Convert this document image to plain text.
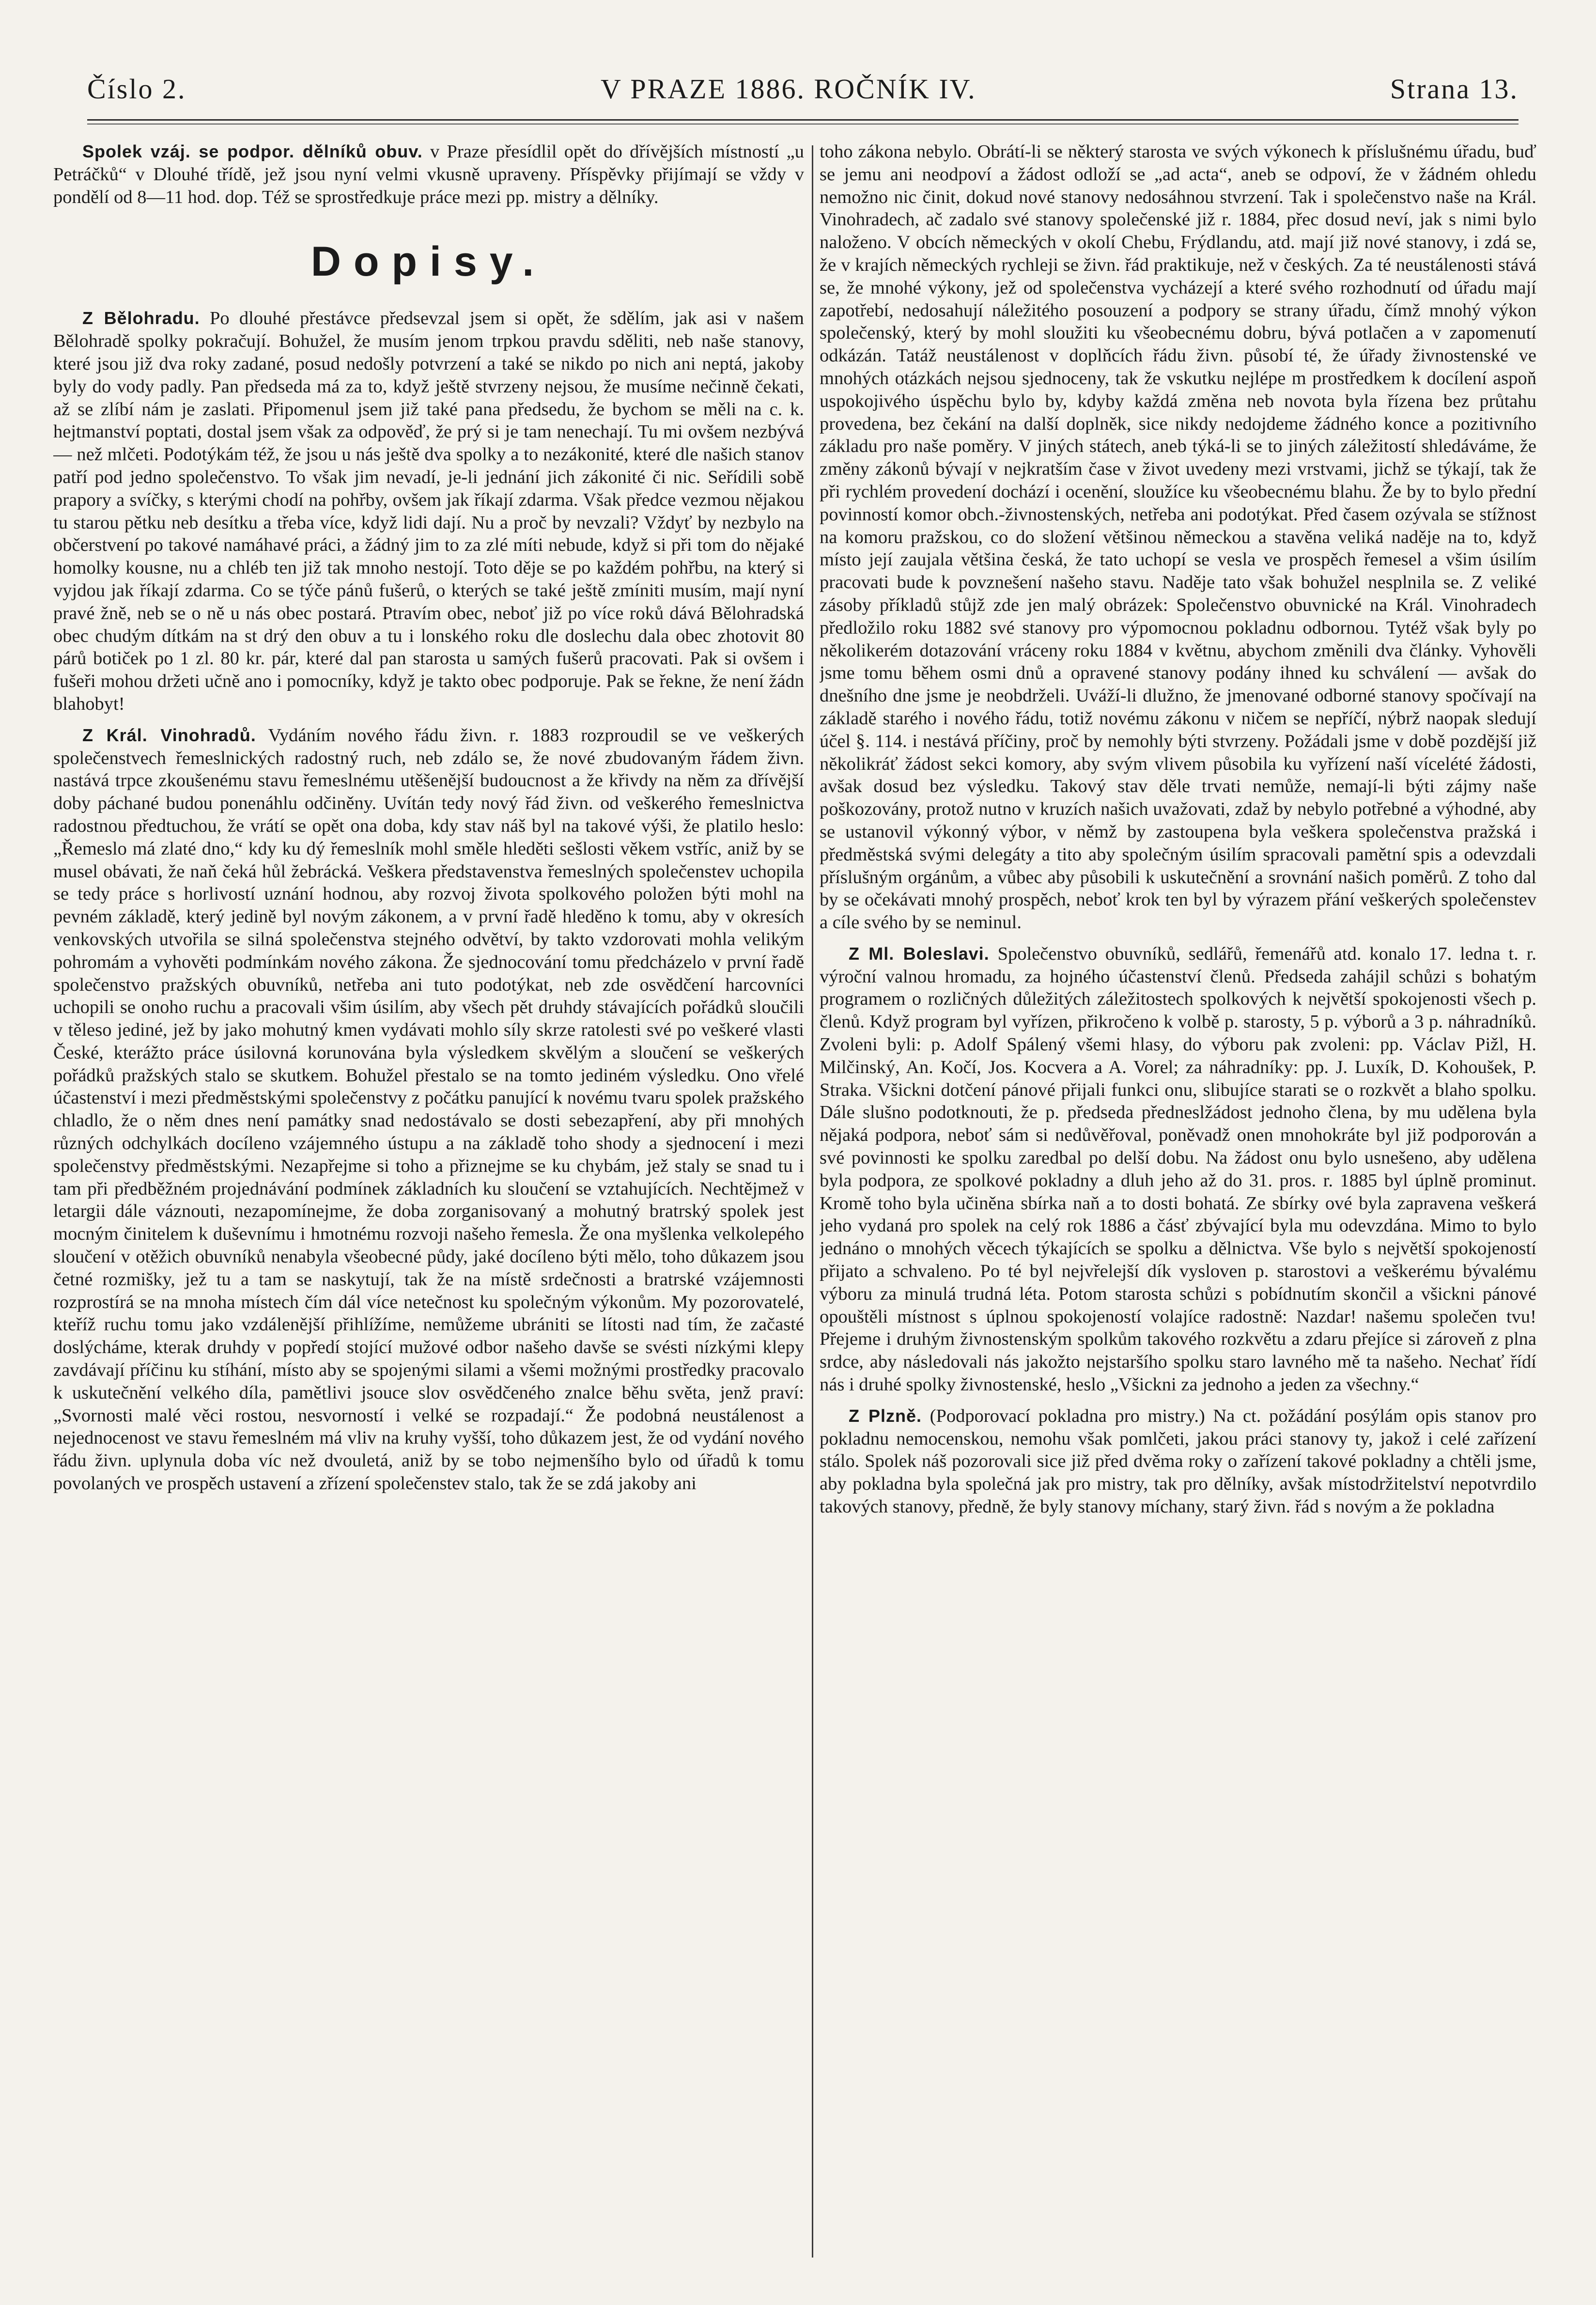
Číslo 2.	V PRAZE 1886. ROČNÍK IV.	Strana 13.

Spolek vzáj. se podpor. dělníků obuv. v Praze přesídlil opět do dřívějších místností „u Petráčků“ v Dlouhé třídě, jež jsou nyní velmi vkusně upraveny. Příspěvky přijímají se vždy v pondělí od 8—11 hod. dop. Též se sprostředkuje práce mezi pp. mistry a dělníky.

Dopisy.

Z Bělohradu. Po dlouhé přestávce předsevzal jsem si opět, že sdělím, jak asi v našem Bělohradě spolky pokračují. Bohužel, že musím jenom trpkou pravdu sděliti, neb naše stanovy, které jsou již dva roky zadané, posud nedošly potvrzení a také se nikdo po nich ani neptá, jakoby byly do vody padly. Pan předseda má za to, když ještě stvrzeny nejsou, že musíme nečinně čekati, až se zlíbí nám je zaslati. Připomenul jsem již také pana předsedu, že bychom se měli na c. k. hejtmanství poptati, dostal jsem však za odpověď, že prý si je tam nenechají. Tu mi ovšem nezbývá — než mlčeti. Podotýkám též, že jsou u nás ještě dva spolky a to nezákonité, které dle našich stanov patří pod jedno společenstvo. To však jim nevadí, je-li jednání jich zákonité či nic. Seřídili sobě prapory a svíčky, s kterými chodí na pohřby, ovšem jak říkají zdarma. Však předce vezmou nějakou tu starou pětku neb desítku a třeba více, když lidi dají. Nu a proč by nevzali? Vždyť by nezbylo na občerstvení po takové namáhavé práci, a žádný jim to za zlé míti nebude, když si při tom do nějaké homolky kousne, nu a chléb ten již tak mnoho nestojí. Toto děje se po každém pohřbu, na který si vyjdou jak říkají zdarma. Co se týče pánů fušerů, o kterých se také ještě zmíniti musím, mají nyní pravé žně, neb se o ně u nás obec postará. Ptravím obec, neboť již po více roků dává Bělohradská obec chudým dítkám na st drý den obuv a tu i lonského roku dle doslechu dala obec zhotovit 80 párů botiček po 1 zl. 80 kr. pár, které dal pan starosta u samých fušerů pracovati. Pak si ovšem i fušeři mohou držeti učně ano i pomocníky, když je takto obec podporuje. Pak se řekne, že není žádn blahobyt!

Z Král. Vinohradů. Vydáním nového řádu živn. r. 1883 rozproudil se ve veškerých společenstvech řemeslnických radostný ruch, neb zdálo se, že nové zbudovaným řádem živn. nastává trpce zkoušenému stavu řemeslnému utěšenější budoucnost a že křivdy na něm za dřívější doby páchané budou ponenáhlu odčiněny. Uvítán tedy nový řád živn. od veškerého řemeslnictva radostnou předtuchou, že vrátí se opět ona doba, kdy stav náš byl na takové výši, že platilo heslo: „Řemeslo má zlaté dno,“ kdy ku dý řemeslník mohl směle hleděti sešlosti věkem vstříc, aniž by se musel obávati, že naň čeká hůl žebrácká. Veškera představenstva řemeslných společenstev uchopila se tedy práce s horlivostí uznání hodnou, aby rozvoj života spolkového položen býti mohl na pevném základě, který jedině byl novým zákonem, a v první řadě hleděno k tomu, aby v okresích venkovských utvořila se silná společenstva stejného odvětví, by takto vzdorovati mohla velikým pohromám a vyhověti podmínkám nového zákona. Že sjednocování tomu předcházelo v první řadě společenstvo pražských obuvníků, netřeba ani tuto podotýkat, neb zde osvědčení harcovníci uchopili se onoho ruchu a pracovali všim úsilím, aby všech pět druhdy stávajících pořádků sloučili v těleso jediné, jež by jako mohutný kmen vydávati mohlo síly skrze ratolesti své po veškeré vlasti České, kterážto práce úsilovná korunována byla výsledkem skvělým a sloučení se veškerých pořádků pražských stalo se skutkem. Bohužel přestalo se na tomto jediném výsledku. Ono vřelé účastenství i mezi předměstskými společenstvy z počátku panující k novému tvaru spolek pražského chladlo, že o něm dnes není památky snad nedostávalo se dosti sebezapření, aby při mnohých různých odchylkách docíleno vzájemného ústupu a na základě toho shody a sjednocení i mezi společenstvy předměstskými. Nezapřejme si toho a přiznejme se ku chybám, jež staly se snad tu i tam při předběžném projednávání podmínek základních ku sloučení se vztahujících. Nechtějmež v letargii dále váznouti, nezapomínejme, že doba zorganisovaný a mohutný bratrský spolek jest mocným činitelem k duševnímu i hmotnému rozvoji našeho řemesla. Že ona myšlenka velkolepého sloučení v otěžich obuvníků nenabyla všeobecné půdy, jaké docíleno býti mělo, toho důkazem jsou četné rozmišky, jež tu a tam se naskytují, tak že na místě srdečnosti a bratrské vzájemnosti rozprostírá se na mnoha místech čím dál více netečnost ku společným výkonům. My pozorovatelé, kteříž ruchu tomu jako vzdálenější přihlížíme, nemůžeme ubrániti se lítosti nad tím, že začasté doslýcháme, kterak druhdy v popředí stojící mužové odbor našeho davše se svésti nízkými klepy zavdávají příčinu ku stíhání, místo aby se spojenými silami a všemi možnými prostředky pracovalo k uskutečnění velkého díla, pamětlivi jsouce slov osvědčeného znalce běhu světa, jenž praví: „Svornosti malé věci rostou, nesvorností i velké se rozpadají.“ Že podobná neustálenost a nejednocenost ve stavu řemeslném má vliv na kruhy vyšší, toho důkazem jest, že od vydání nového řádu živn. uplynula doba víc než dvouletá, aniž by se tobo nejmenšího bylo od úřadů k tomu povolaných ve prospěch ustavení a zřízení společenstev stalo, tak že se zdá jakoby ani

toho zákona nebylo. Obrátí-li se některý starosta ve svých výkonech k příslušnému úřadu, buď se jemu ani neodpoví a žádost odloží se „ad acta“, aneb se odpoví, že v žádném ohledu nemožno nic činit, dokud nové stanovy nedosáhnou stvrzení. Tak i společenstvo naše na Král. Vinohradech, ač zadalo své stanovy společenské již r. 1884, přec dosud neví, jak s nimi bylo naloženo. V obcích německých v okolí Chebu, Frýdlandu, atd. mají již nové stanovy, i zdá se, že v krajích německých rychleji se živn. řád praktikuje, než v českých. Za té neustálenosti stává se, že mnohé výkony, jež od společenstva vycházejí a které svého rozhodnutí od úřadu mají zapotřebí, nedosahují náležitého posouzení a podpory se strany úřadu, čímž mnohý výkon společenský, který by mohl sloužiti ku všeobecnému dobru, bývá potlačen a v zapomenutí odkázán. Tatáž neustálenost v doplňcích řádu živn. působí té, že úřady živnostenské ve mnohých otázkách nejsou sjednoceny, tak že vskutku nejlépe m prostředkem k docílení aspoň uspokojivého úspěchu bylo by, kdyby každá změna neb novota byla řízena bez průtahu provedena, bez čekání na další doplněk, sice nikdy nedojdeme žádného konce a pozitivního základu pro naše poměry. V jiných státech, aneb týká-li se to jiných záležitostí shledáváme, že změny zákonů bývají v nejkratším čase v život uvedeny mezi vrstvami, jichž se týkají, tak že při rychlém provedení dochází i ocenění, sloužíce ku všeobecnému blahu. Že by to bylo přední povinností komor obch.-živnostenských, netřeba ani podotýkat. Před časem ozývala se stížnost na komoru pražskou, co do složení většinou německou a stavěna veliká naděje na to, když místo její zaujala většina česká, že tato uchopí se vesla ve prospěch řemesel a všim úsilím pracovati bude k povznešení našeho stavu. Naděje tato však bohužel nesplnila se. Z veliké zásoby příkladů stůjž zde jen malý obrázek: Společenstvo obuvnické na Král. Vinohradech předložilo roku 1882 své stanovy pro výpomocnou pokladnu odbornou. Tytéž však byly po několikerém dotazování vráceny roku 1884 v květnu, abychom změnili dva články. Vyhověli jsme tomu během osmi dnů a opravené stanovy podány ihned ku schválení — avšak do dnešního dne jsme je neobdrželi. Uváží-li dlužno, že jmenované odborné stanovy spočívají na základě starého i nového řádu, totiž novému zákonu v ničem se nepříčí, nýbrž naopak sledují účel §. 114. i nestává příčiny, proč by nemohly býti stvrzeny. Požádali jsme v době pozdější již několikráť žádost sekci komory, aby svým vlivem působila ku vyřízení naší vícelété žádosti, avšak dosud bez výsledku. Takový stav děle trvati nemůže, nemají-li býti zájmy naše poškozovány, protož nutno v kruzích našich uvažovati, zdaž by nebylo potřebné a výhodné, aby se ustanovil výkonný výbor, v němž by zastoupena byla veškera společenstva pražská i předměstská svými delegáty a tito aby společným úsilím spracovali pamětní spis a odevzdali příslušným orgánům, a vůbec aby působili k uskutečnění a srovnání našich poměrů. Z toho dal by se očekávati mnohý prospěch, neboť krok ten byl by výrazem přání veškerých společenstev a cíle svého by se neminul.

Z Ml. Boleslavi. Společenstvo obuvníků, sedlářů, řemenářů atd. konalo 17. ledna t. r. výroční valnou hromadu, za hojného účastenství členů. Předseda zahájil schůzi s bohatým programem o rozličných důležitých záležitostech spolkových k největší spokojenosti všech p. členů. Když program byl vyřízen, přikročeno k volbě p. starosty, 5 p. výborů a 3 p. náhradníků. Zvoleni byli: p. Adolf Spálený všemi hlasy, do výboru pak zvoleni: pp. Václav Pižl, H. Milčinský, An. Kočí, Jos. Kocvera a A. Vorel; za náhradníky: pp. J. Luxík, D. Kohoušek, P. Straka. Všickni dotčení pánové přijali funkci onu, slibujíce starati se o rozkvět a blaho spolku. Dále slušno podotknouti, že p. předseda předneslžádost jednoho člena, by mu udělena byla nějaká podpora, neboť sám si nedůvěřoval, poněvadž onen mnohokráte byl již podporován a své povinnosti ke spolku zaredbal po delší dobu. Na žádost onu bylo usnešeno, aby udělena byla podpora, ze spolkové pokladny a dluh jeho až do 31. pros. r. 1885 byl úplně prominut. Kromě toho byla učiněna sbírka naň a to dosti bohatá. Ze sbírky ové byla zapravena veškerá jeho vydaná pro spolek na celý rok 1886 a čásť zbývající byla mu odevzdána. Mimo to bylo jednáno o mnohých věcech týkajících se spolku a dělnictva. Vše bylo s největší spokojeností přijato a schvaleno. Po té byl nejvřelejší dík vysloven p. starostovi a veškerému bývalému výboru za minulá trudná léta. Potom starosta schůzi s pobídnutím skončil a všickni pánové opouštěli místnost s úplnou spokojeností volajíce radostně: Nazdar! našemu společen tvu! Přejeme i druhým živnostenským spolkům takového rozkvětu a zdaru přejíce si zároveň z plna srdce, aby následovali nás jakožto nejstaršího spolku staro lavného mě ta našeho. Nechať řídí nás i druhé spolky živnostenské, heslo „Všickni za jednoho a jeden za všechny.“

Z Plzně. (Podporovací pokladna pro mistry.) Na ct. požádání posýlám opis stanov pro pokladnu nemocenskou, nemohu však pomlčeti, jakou práci stanovy ty, jakož i celé zařízení stálo. Spolek náš pozorovali sice již před dvěma roky o zařízení takové pokladny a chtěli jsme, aby pokladna byla společná jak pro mistry, tak pro dělníky, avšak místodržitelství nepotvrdilo takových stanovy, předně, že byly stanovy míchany, starý živn. řád s novým a že pokladna
